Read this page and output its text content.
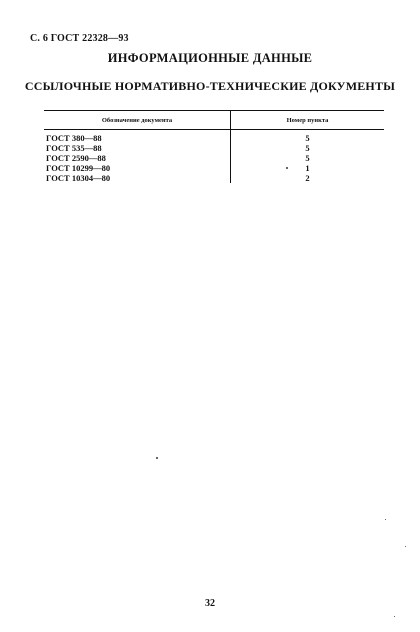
С. 6 ГОСТ 22328—93
ИНФОРМАЦИОННЫЕ ДАННЫЕ
ССЫЛОЧНЫЕ НОРМАТИВНО-ТЕХНИЧЕСКИЕ ДОКУМЕНТЫ
Обозначение документа	Номер пункта
ГОСТ 380—88	5
ГОСТ 535—88	5
ГОСТ 2590—88	5
ГОСТ 10299—80	1
ГОСТ 10304—80	2
32
